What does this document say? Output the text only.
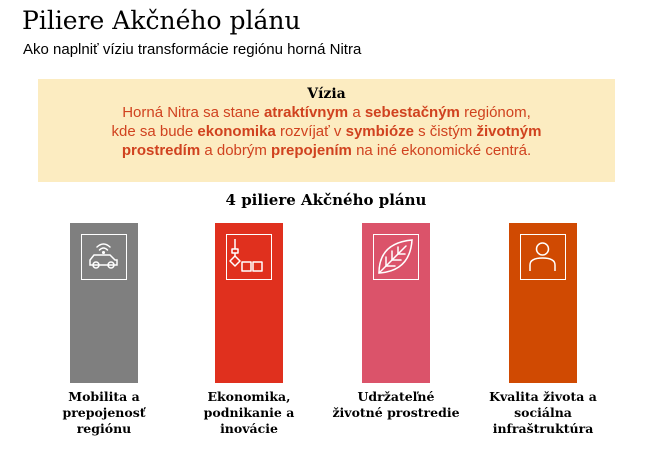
Piliere Akčného plánu
Ako naplniť víziu transformácie regiónu horná Nitra
Vízia
Horná Nitra sa stane atraktívnym a sebestačným regiónom, kde sa bude ekonomika rozvíjať v symbióze s čistým životným prostredím a dobrým prepojením na iné ekonomické centrá.
4 piliere Akčného plánu
Mobilita a prepojenosť regiónu
Ekonomika, podnikanie a inovácie
Udržateľné životné prostredie
Kvalita života a sociálna infraštruktúra
